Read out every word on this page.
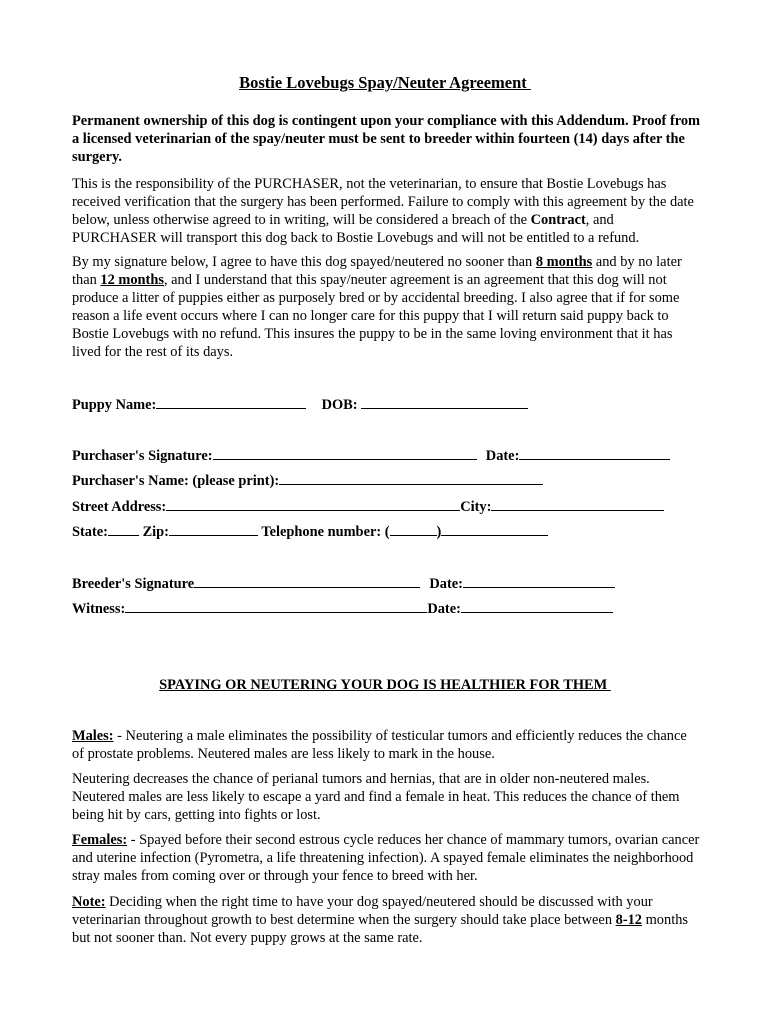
Bostie Lovebugs Spay/Neuter Agreement

Permanent ownership of this dog is contingent upon your compliance with this Addendum. Proof from a licensed veterinarian of the spay/neuter must be sent to breeder within fourteen (14) days after the surgery.

This is the responsibility of the PURCHASER, not the veterinarian, to ensure that Bostie Lovebugs has received verification that the surgery has been performed. Failure to comply with this agreement by the date below, unless otherwise agreed to in writing, will be considered a breach of the Contract, and PURCHASER will transport this dog back to Bostie Lovebugs and will not be entitled to a refund.

By my signature below, I agree to have this dog spayed/neutered no sooner than 8 months and by no later than 12 months, and I understand that this spay/neuter agreement is an agreement that this dog will not produce a litter of puppies either as purposely bred or by accidental breeding. I also agree that if for some reason a life event occurs where I can no longer care for this puppy that I will return said puppy back to Bostie Lovebugs with no refund. This insures the puppy to be in the same loving environment that it has lived for the rest of its days.

Puppy Name:	DOB:
Purchaser's Signature:	Date:
Purchaser's Name: (please print):
Street Address:	City:
State: Zip:	Telephone number: (	)
Breeder's Signature	Date:
Witness:	Date:
SPAYING OR NEUTERING YOUR DOG IS HEALTHIER FOR THEM

Males: - Neutering a male eliminates the possibility of testicular tumors and efficiently reduces the chance of prostate problems. Neutered males are less likely to mark in the house.

Neutering decreases the chance of perianal tumors and hernias, that are in older non-neutered males. Neutered males are less likely to escape a yard and find a female in heat. This reduces the chance of them being hit by cars, getting into fights or lost.

Females: - Spayed before their second estrous cycle reduces her chance of mammary tumors, ovarian cancer and uterine infection (Pyrometra, a life threatening infection). A spayed female eliminates the neighborhood stray males from coming over or through your fence to breed with her.

Note: Deciding when the right time to have your dog spayed/neutered should be discussed with your veterinarian throughout growth to best determine when the surgery should take place between 8-12 months but not sooner than. Not every puppy grows at the same rate.
